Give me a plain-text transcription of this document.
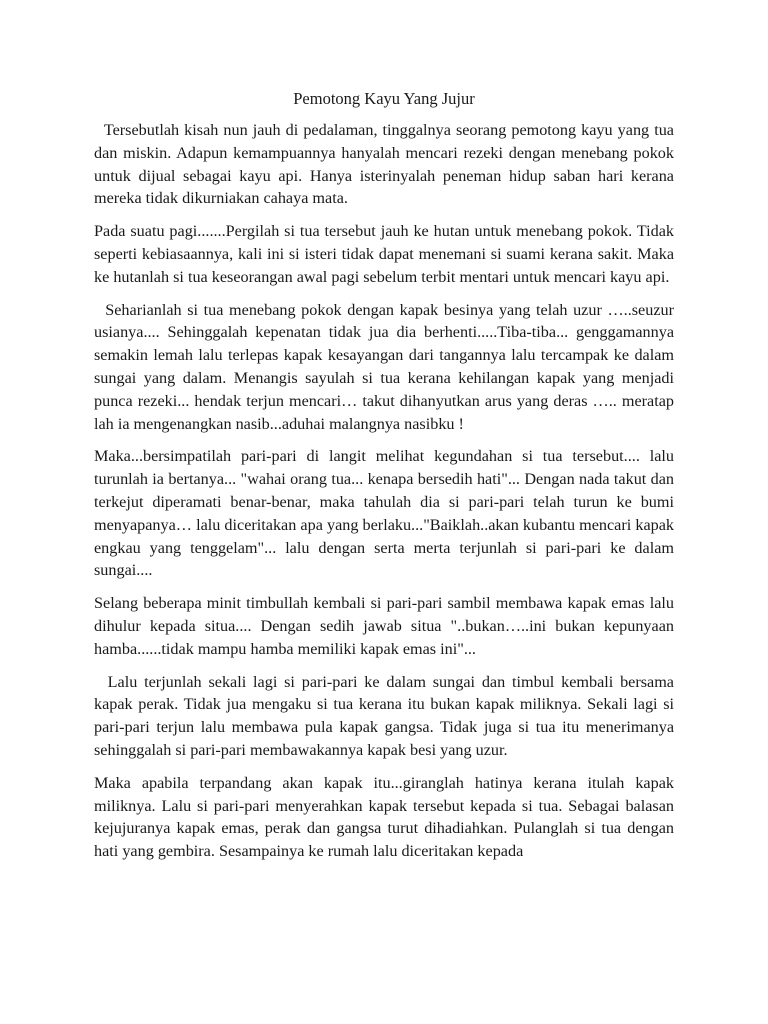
Pemotong Kayu Yang Jujur

Tersebutlah kisah nun jauh di pedalaman, tinggalnya seorang pemotong kayu yang tua dan miskin. Adapun kemampuannya hanyalah mencari rezeki dengan menebang pokok untuk dijual sebagai kayu api. Hanya isterinyalah peneman hidup saban hari kerana mereka tidak dikurniakan cahaya mata.

Pada suatu pagi.......Pergilah si tua tersebut jauh ke hutan untuk menebang pokok. Tidak seperti kebiasaannya, kali ini si isteri tidak dapat menemani si suami kerana sakit. Maka ke hutanlah si tua keseorangan awal pagi sebelum terbit mentari untuk mencari kayu api.

Seharianlah si tua menebang pokok dengan kapak besinya yang telah uzur …..seuzur usianya.... Sehinggalah kepenatan tidak jua dia berhenti.....Tiba-tiba... genggamannya semakin lemah lalu terlepas kapak kesayangan dari tangannya lalu tercampak ke dalam sungai yang dalam. Menangis sayulah si tua kerana kehilangan kapak yang menjadi punca rezeki... hendak terjun mencari… takut dihanyutkan arus yang deras ….. meratap lah ia mengenangkan nasib...aduhai malangnya nasibku !

Maka...bersimpatilah pari-pari di langit melihat kegundahan si tua tersebut.... lalu turunlah ia bertanya... "wahai orang tua... kenapa bersedih hati"... Dengan nada takut dan terkejut diperamati benar-benar, maka tahulah dia si pari-pari telah turun ke bumi menyapanya… lalu diceritakan apa yang berlaku..."Baiklah..akan kubantu mencari kapak engkau yang tenggelam"... lalu dengan serta merta terjunlah si pari-pari ke dalam sungai....

Selang beberapa minit timbullah kembali si pari-pari sambil membawa kapak emas lalu dihulur kepada situa.... Dengan sedih jawab situa "..bukan…..ini bukan kepunyaan hamba......tidak mampu hamba memiliki kapak emas ini"...

Lalu terjunlah sekali lagi si pari-pari ke dalam sungai dan timbul kembali bersama kapak perak. Tidak jua mengaku si tua kerana itu bukan kapak miliknya. Sekali lagi si pari-pari terjun lalu membawa pula kapak gangsa. Tidak juga si tua itu menerimanya sehinggalah si pari-pari membawakannya kapak besi yang uzur.

Maka apabila terpandang akan kapak itu...giranglah hatinya kerana itulah kapak miliknya. Lalu si pari-pari menyerahkan kapak tersebut kepada si tua. Sebagai balasan kejujuranya kapak emas, perak dan gangsa turut dihadiahkan. Pulanglah si tua dengan hati yang gembira. Sesampainya ke rumah lalu diceritakan kepada
